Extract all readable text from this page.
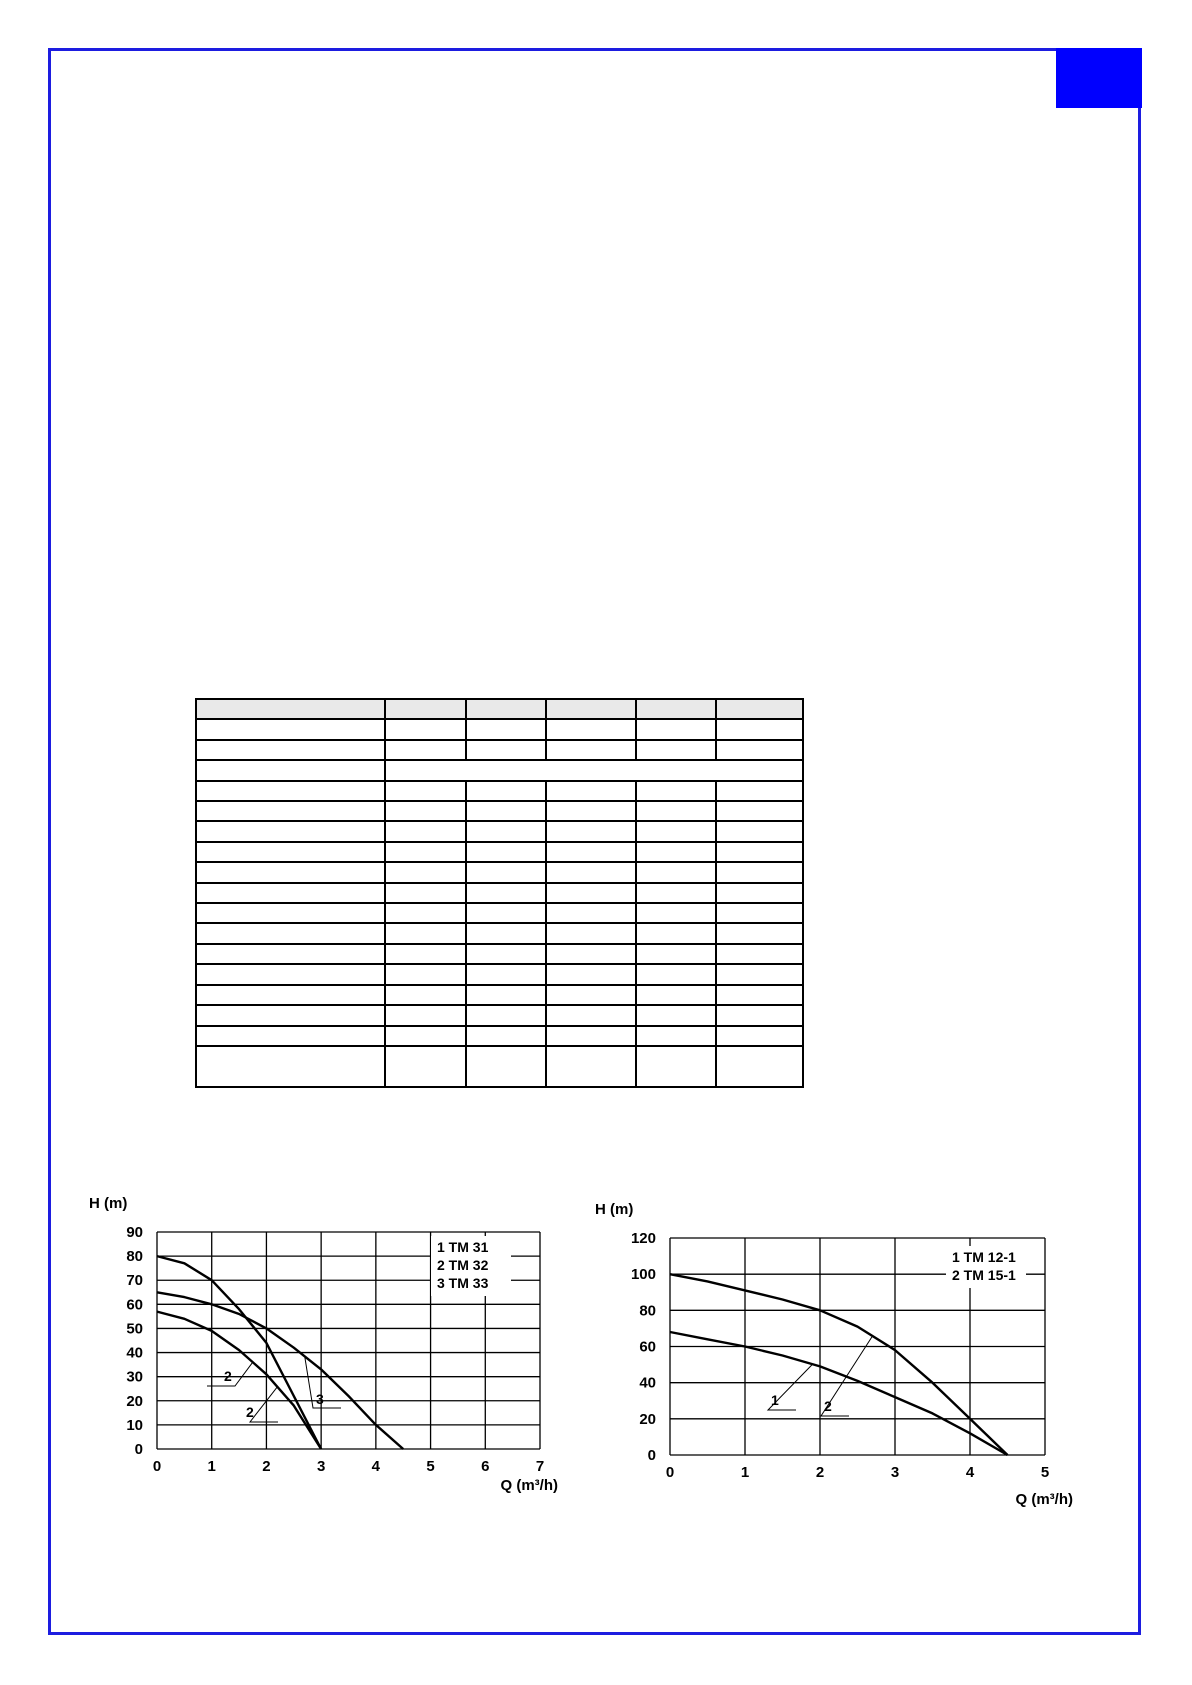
0	1	2	3	4	5	6	7
0
10
20
30
40
50
60
70
80
90
1 TM 31
2 TM 32
3 TM 33
2
2
3
H (m)
Q (m³/h)
0	1	2	3	4	5
0
20
40
60
80
100
120
1 TM 12-1
2 TM 15-1
1	2
H (m)
Q (m³/h)
